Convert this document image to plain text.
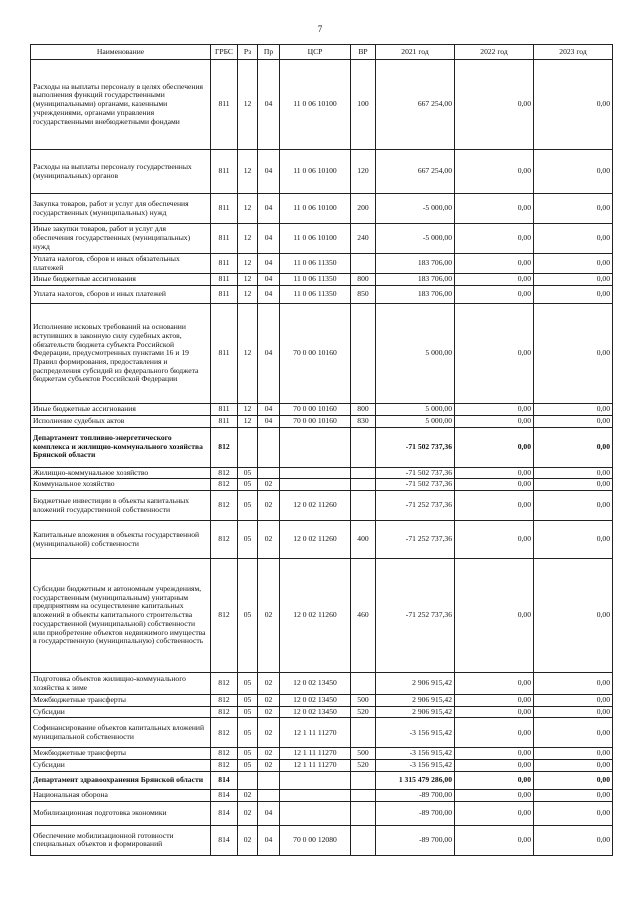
7
Наименование	ГРБС	Рз	Пр	ЦСР	ВР	2021 год	2022 год	2023 год
Расходы на выплаты персоналу в целях обеспечения выполнения функций государственными (муниципальными) органами, казенными учреждениями, органами управления государственными внебюджетными фондами	811	12	04	11 0 06 10100	100	667 254,00	0,00	0,00
Расходы на выплаты персоналу государственных (муниципальных) органов	811	12	04	11 0 06 10100	120	667 254,00	0,00	0,00
Закупка товаров, работ и услуг для обеспечения государственных (муниципальных) нужд	811	12	04	11 0 06 10100	200	-5 000,00	0,00	0,00
Иные закупки товаров, работ и услуг для обеспечения государственных (муниципальных) нужд	811	12	04	11 0 06 10100	240	-5 000,00	0,00	0,00
Уплата налогов, сборов и иных обязательных платежей	811	12	04	11 0 06 11350		183 706,00	0,00	0,00
Иные бюджетные ассигнования	811	12	04	11 0 06 11350	800	183 706,00	0,00	0,00
Уплата налогов, сборов и иных платежей	811	12	04	11 0 06 11350	850	183 706,00	0,00	0,00
Исполнение исковых требований на основании вступивших в законную силу судебных актов, обязательств бюджета субъекта Российской Федерации, предусмотренных пунктами 16 и 19 Правил формирования, предоставления и распределения субсидий из федерального бюджета бюджетам субъектов Российской Федерации	811	12	04	70 0 00 10160		5 000,00	0,00	0,00
Иные бюджетные ассигнования	811	12	04	70 0 00 10160	800	5 000,00	0,00	0,00
Исполнение судебных актов	811	12	04	70 0 00 10160	830	5 000,00	0,00	0,00
Департамент топливно-энергетического комплекса и жилищно-коммунального хозяйства Брянской области	812					-71 502 737,36	0,00	0,00
Жилищно-коммунальное хозяйство	812	05				-71 502 737,36	0,00	0,00
Коммунальное хозяйство	812	05	02			-71 502 737,36	0,00	0,00
Бюджетные инвестиции в объекты капитальных вложений государственной собственности	812	05	02	12 0 02 11260		-71 252 737,36	0,00	0,00
Капитальные вложения в объекты государственной (муниципальной) собственности	812	05	02	12 0 02 11260	400	-71 252 737,36	0,00	0,00
Субсидии бюджетным и автономным учреждениям, государственным (муниципальным) унитарным предприятиям на осуществление капитальных вложений в объекты капитального строительства государственной (муниципальной) собственности или приобретение объектов недвижимого имущества в государственную (муниципальную) собственность	812	05	02	12 0 02 11260	460	-71 252 737,36	0,00	0,00
Подготовка объектов жилищно-коммунального хозяйства к зиме	812	05	02	12 0 02 13450		2 906 915,42	0,00	0,00
Межбюджетные трансферты	812	05	02	12 0 02 13450	500	2 906 915,42	0,00	0,00
Субсидии	812	05	02	12 0 02 13450	520	2 906 915,42	0,00	0,00
Софинансирование объектов капитальных вложений муниципальной собственности	812	05	02	12 1 11 11270		-3 156 915,42	0,00	0,00
Межбюджетные трансферты	812	05	02	12 1 11 11270	500	-3 156 915,42	0,00	0,00
Субсидии	812	05	02	12 1 11 11270	520	-3 156 915,42	0,00	0,00
Департамент здравоохранения Брянской области	814					1 315 479 286,00	0,00	0,00
Национальная оборона	814	02				-89 700,00	0,00	0,00
Мобилизационная подготовка экономики	814	02	04			-89 700,00	0,00	0,00
Обеспечение мобилизационной готовности специальных объектов и формирований	814	02	04	70 0 00 12080		-89 700,00	0,00	0,00
